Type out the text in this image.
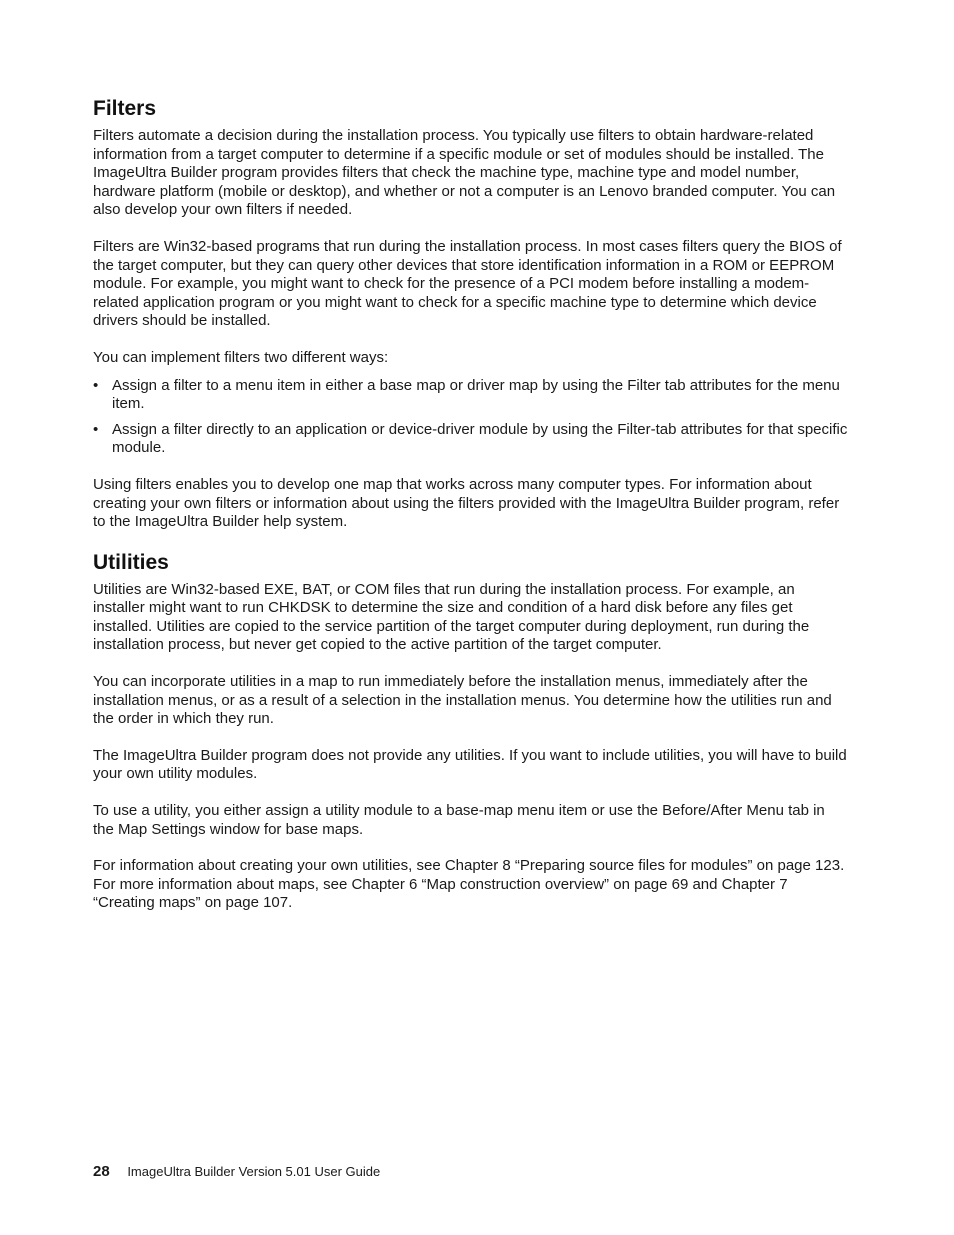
Filters

Filters automate a decision during the installation process. You typically use filters to obtain hardware-related information from a target computer to determine if a specific module or set of modules should be installed. The ImageUltra Builder program provides filters that check the machine type, machine type and model number, hardware platform (mobile or desktop), and whether or not a computer is an Lenovo branded computer. You can also develop your own filters if needed.

Filters are Win32-based programs that run during the installation process. In most cases filters query the BIOS of the target computer, but they can query other devices that store identification information in a ROM or EEPROM module. For example, you might want to check for the presence of a PCI modem before installing a modem-related application program or you might want to check for a specific machine type to determine which device drivers should be installed.

You can implement filters two different ways:

• Assign a filter to a menu item in either a base map or driver map by using the Filter tab attributes for the menu item.
• Assign a filter directly to an application or device-driver module by using the Filter-tab attributes for that specific module.

Using filters enables you to develop one map that works across many computer types. For information about creating your own filters or information about using the filters provided with the ImageUltra Builder program, refer to the ImageUltra Builder help system.

Utilities

Utilities are Win32-based EXE, BAT, or COM files that run during the installation process. For example, an installer might want to run CHKDSK to determine the size and condition of a hard disk before any files get installed. Utilities are copied to the service partition of the target computer during deployment, run during the installation process, but never get copied to the active partition of the target computer.

You can incorporate utilities in a map to run immediately before the installation menus, immediately after the installation menus, or as a result of a selection in the installation menus. You determine how the utilities run and the order in which they run.

The ImageUltra Builder program does not provide any utilities. If you want to include utilities, you will have to build your own utility modules.

To use a utility, you either assign a utility module to a base-map menu item or use the Before/After Menu tab in the Map Settings window for base maps.

For information about creating your own utilities, see Chapter 8 “Preparing source files for modules” on page 123. For more information about maps, see Chapter 6 “Map construction overview” on page 69 and Chapter 7 “Creating maps” on page 107.

28 ImageUltra Builder Version 5.01 User Guide
